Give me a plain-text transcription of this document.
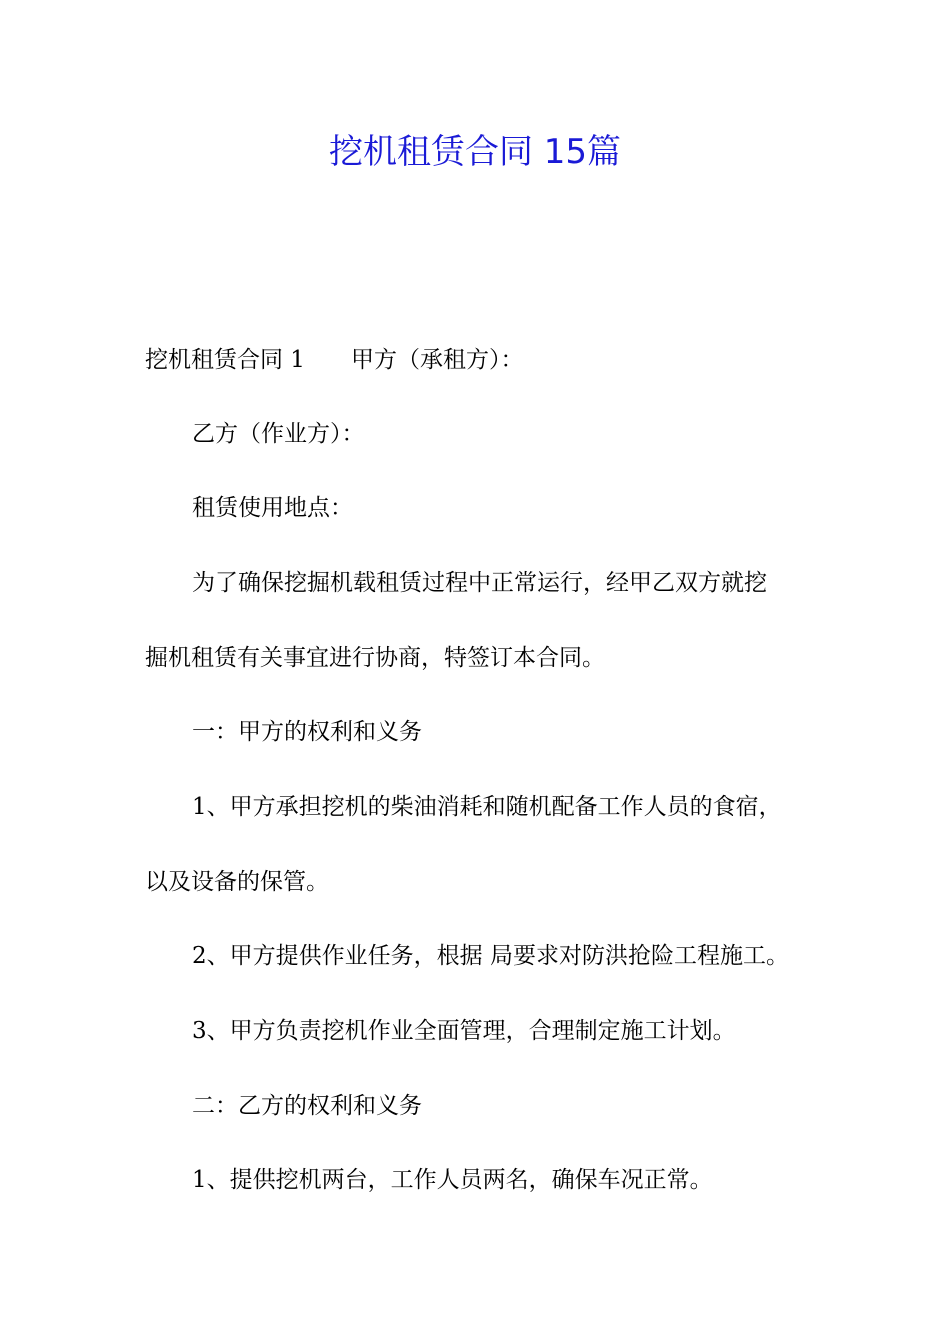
挖机租赁合同 15篇

挖机租赁合同 1 甲方（承租方）：

乙方（作业方）：

租赁使用地点：

为了确保挖掘机载租赁过程中正常运行，经甲乙双方就挖

掘机租赁有关事宜进行协商，特签订本合同。

一：甲方的权利和义务

1、甲方承担挖机的柴油消耗和随机配备工作人员的食宿，

以及设备的保管。

2、甲方提供作业任务，根据 局要求对防洪抢险工程施工。

3、甲方负责挖机作业全面管理，合理制定施工计划。

二：乙方的权利和义务

1、提供挖机两台，工作人员两名，确保车况正常。
